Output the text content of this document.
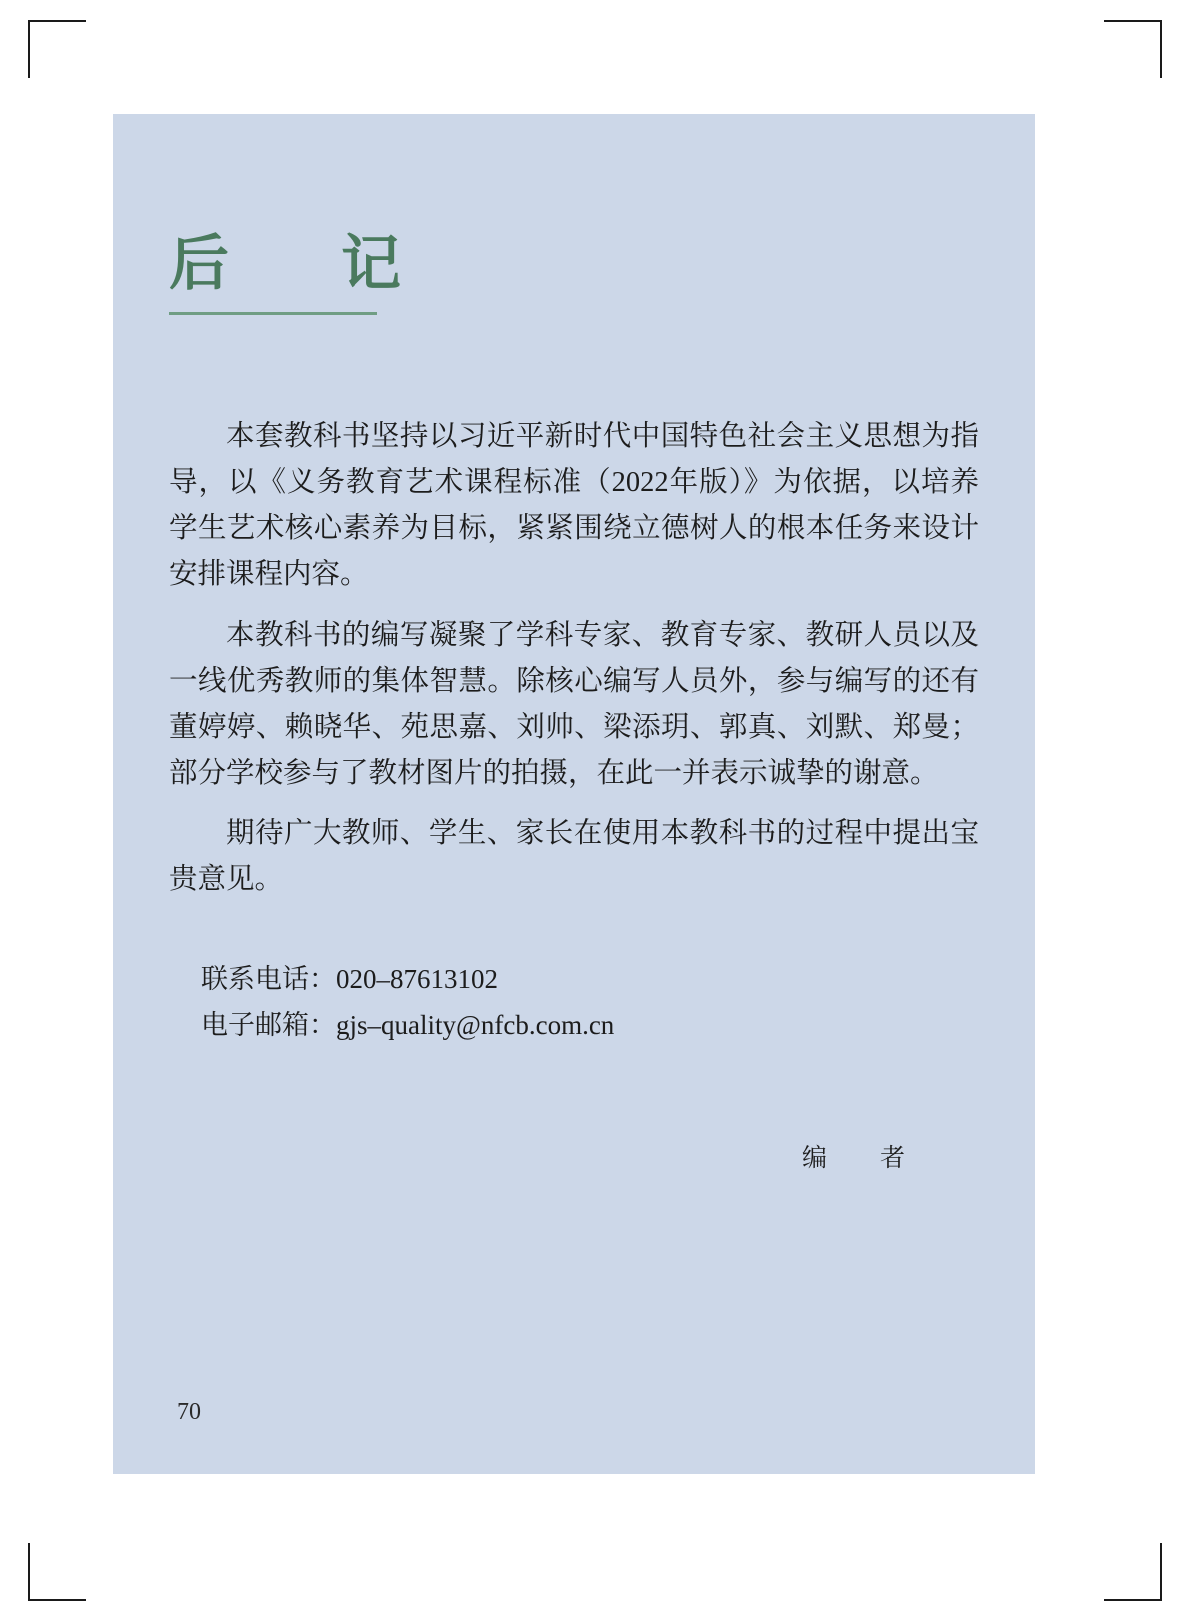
后　记

本套教科书坚持以习近平新时代中国特色社会主义思想为指导，以《义务教育艺术课程标准（2022年版）》为依据，以培养学生艺术核心素养为目标，紧紧围绕立德树人的根本任务来设计安排课程内容。

本教科书的编写凝聚了学科专家、教育专家、教研人员以及一线优秀教师的集体智慧。除核心编写人员外，参与编写的还有董婷婷、赖晓华、苑思嘉、刘帅、梁添玥、郭真、刘默、郑曼；部分学校参与了教材图片的拍摄，在此一并表示诚挚的谢意。

期待广大教师、学生、家长在使用本教科书的过程中提出宝贵意见。

联系电话：020–87613102
电子邮箱：gjs–quality@nfcb.com.cn
编　者
70
